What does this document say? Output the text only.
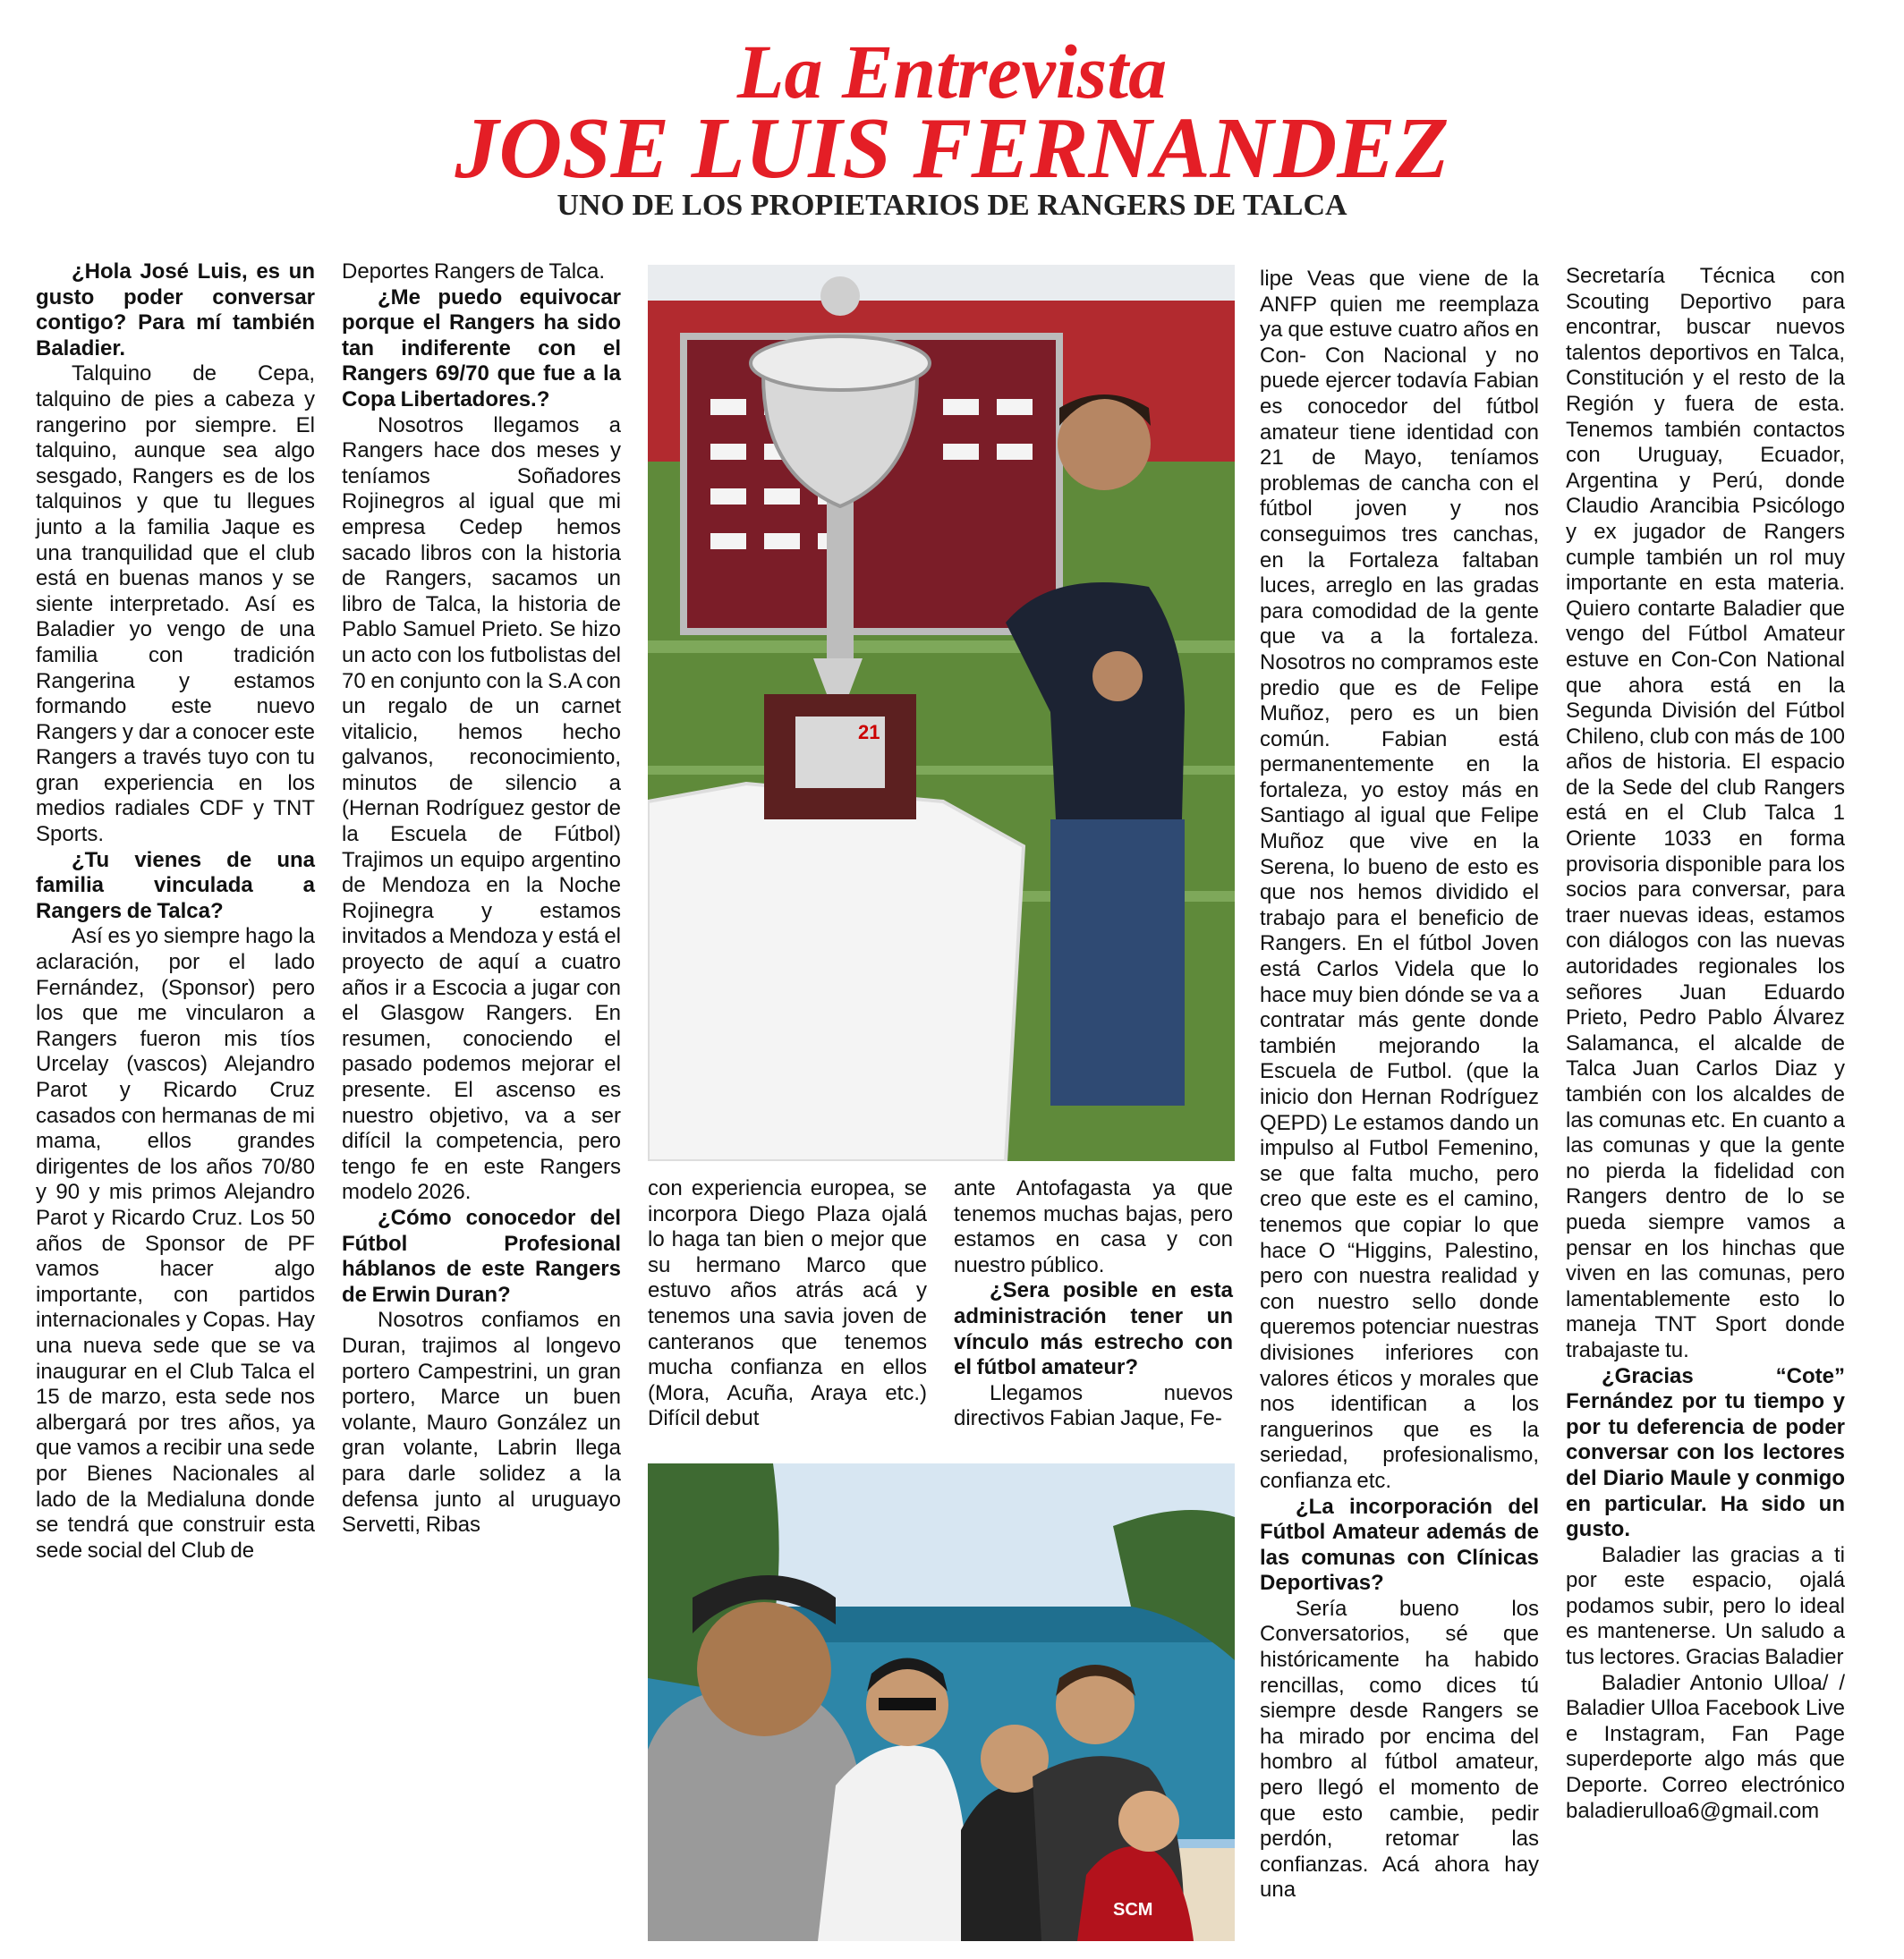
La Entrevista
JOSE LUIS FERNANDEZ
UNO DE LOS PROPIETARIOS DE RANGERS DE TALCA

¿Hola José Luis, es un gusto poder conversar contigo? Para mí también Baladier.

Talquino de Cepa, talquino de pies a cabeza y rangerino por siempre. El talquino, aunque sea algo sesgado, Rangers es de los talquinos y que tu llegues junto a la familia Jaque es una tranquilidad que el club está en buenas manos y se siente interpretado. Así es Baladier yo vengo de una familia con tradición Rangerina y estamos formando este nuevo Rangers y dar a conocer este Rangers a través tuyo con tu gran experiencia en los medios radiales CDF y TNT Sports.

¿Tu vienes de una familia vinculada a Rangers de Talca?

Así es yo siempre hago la aclaración, por el lado Fernández, (Sponsor) pero los que me vincularon a Rangers fueron mis tíos Urcelay (vascos) Alejandro Parot y Ricardo Cruz casados con hermanas de mi mama, ellos grandes dirigentes de los años 70/80 y 90 y mis primos Alejandro Parot y Ricardo Cruz. Los 50 años de Sponsor de PF vamos hacer algo importante, con partidos internacionales y Copas. Hay una nueva sede que se va inaugurar en el Club Talca el 15 de marzo, esta sede nos albergará por tres años, ya que vamos a recibir una sede por Bienes Nacionales al lado de la Medialuna donde se tendrá que construir esta sede social del Club de

Deportes Rangers de Talca.

¿Me puedo equivocar porque el Rangers ha sido tan indiferente con el Rangers 69/70 que fue a la Copa Libertadores.?

Nosotros llegamos a Rangers hace dos meses y teníamos Soñadores Rojinegros al igual que mi empresa Cedep hemos sacado libros con la historia de Rangers, sacamos un libro de Talca, la historia de Pablo Samuel Prieto. Se hizo un acto con los futbolistas del 70 en conjunto con la S.A con un regalo de un carnet vitalicio, hemos hecho galvanos, reconocimiento, minutos de silencio a (Hernan Rodríguez gestor de la Escuela de Fútbol) Trajimos un equipo argentino de Mendoza en la Noche Rojinegra y estamos invitados a Mendoza y está el proyecto de aquí a cuatro años ir a Escocia a jugar con el Glasgow Rangers. En resumen, conociendo el pasado podemos mejorar el presente. El ascenso es nuestro objetivo, va a ser difícil la competencia, pero tengo fe en este Rangers modelo 2026.

¿Cómo conocedor del Fútbol Profesional háblanos de este Rangers de Erwin Duran?

Nosotros confiamos en Duran, trajimos al longevo portero Campestrini, un gran portero, Marce un buen volante, Mauro González un gran volante, Labrin llega para darle solidez a la defensa junto al uruguayo Servetti, Ribas

con experiencia europea, se incorpora Diego Plaza ojalá lo haga tan bien o mejor que su hermano Marco que estuvo años atrás acá y tenemos una savia joven de canteranos que tenemos mucha confianza en ellos (Mora, Acuña, Araya etc.) Difícil debut

ante Antofagasta ya que tenemos muchas bajas, pero estamos en casa y con nuestro público.

¿Sera posible en esta administración tener un vínculo más estrecho con el fútbol amateur?

Llegamos nuevos directivos Fabian Jaque, Fe-

lipe Veas que viene de la ANFP quien me reemplaza ya que estuve cuatro años en Con- Con Nacional y no puede ejercer todavía Fabian es conocedor del fútbol amateur tiene identidad con 21 de Mayo, teníamos problemas de cancha con el fútbol joven y nos conseguimos tres canchas, en la Fortaleza faltaban luces, arreglo en las gradas para comodidad de la gente que va a la fortaleza. Nosotros no compramos este predio que es de Felipe Muñoz, pero es un bien común. Fabian está permanentemente en la fortaleza, yo estoy más en Santiago al igual que Felipe Muñoz que vive en la Serena, lo bueno de esto es que nos hemos dividido el trabajo para el beneficio de Rangers. En el fútbol Joven está Carlos Videla que lo hace muy bien dónde se va a contratar más gente donde también mejorando la Escuela de Futbol. (que la inicio don Hernan Rodríguez QEPD) Le estamos dando un impulso al Futbol Femenino, se que falta mucho, pero creo que este es el camino, tenemos que copiar lo que hace O “Higgins, Palestino, pero con nuestra realidad y con nuestro sello donde queremos potenciar nuestras divisiones inferiores con valores éticos y morales que nos identifican a los ranguerinos que es la seriedad, profesionalismo, confianza etc.

¿La incorporación del Fútbol Amateur además de las comunas con Clínicas Deportivas?

Sería bueno los Conversatorios, sé que históricamente ha habido rencillas, como dices tú siempre desde Rangers se ha mirado por encima del hombro al fútbol amateur, pero llegó el momento de que esto cambie, pedir perdón, retomar las confianzas. Acá ahora hay una

Secretaría Técnica con Scouting Deportivo para encontrar, buscar nuevos talentos deportivos en Talca, Constitución y el resto de la Región y fuera de esta. Tenemos también contactos con Uruguay, Ecuador, Argentina y Perú, donde Claudio Arancibia Psicólogo y ex jugador de Rangers cumple también un rol muy importante en esta materia. Quiero contarte Baladier que vengo del Fútbol Amateur estuve en Con-Con National que ahora está en la Segunda División del Fútbol Chileno, club con más de 100 años de historia. El espacio de la Sede del club Rangers está en el Club Talca 1 Oriente 1033 en forma provisoria disponible para los socios para conversar, para traer nuevas ideas, estamos con diálogos con las nuevas autoridades regionales los señores Juan Eduardo Prieto, Pedro Pablo Álvarez Salamanca, el alcalde de Talca Juan Carlos Diaz y también con los alcaldes de las comunas etc. En cuanto a las comunas y que la gente no pierda la fidelidad con Rangers dentro de lo se pueda siempre vamos a pensar en los hinchas que viven en las comunas, pero lamentablemente esto lo maneja TNT Sport donde trabajaste tu.

¿Gracias “Cote” Fernández por tu tiempo y por tu deferencia de poder conversar con los lectores del Diario Maule y conmigo en particular. Ha sido un gusto.

Baladier las gracias a ti por este espacio, ojalá podamos subir, pero lo ideal es mantenerse. Un saludo a tus lectores. Gracias Baladier

Baladier Antonio Ulloa/ / Baladier Ulloa Facebook Live e Instagram, Fan Page superdeporte algo más que Deporte. Correo electrónico baladierulloa6@gmail.com

21
SCM
